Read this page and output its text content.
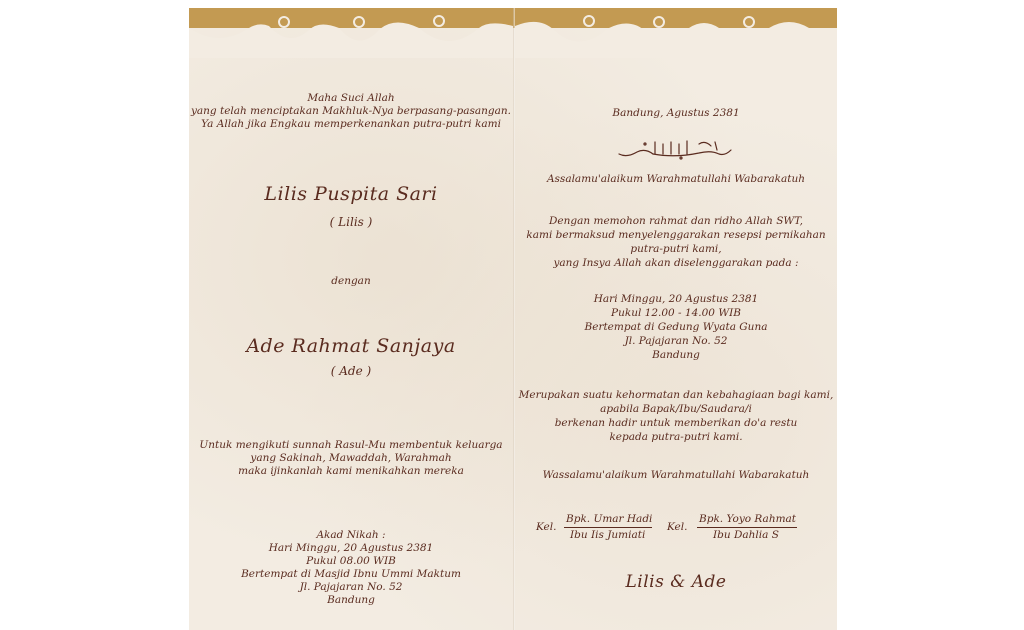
Maha Suci Allah
yang telah menciptakan Makhluk-Nya berpasang-pasangan.
Ya Allah jika Engkau memperkenankan putra-putri kami
Lilis Puspita Sari
( Lilis )
dengan
Ade Rahmat Sanjaya
( Ade )
Untuk mengikuti sunnah Rasul-Mu membentuk keluarga
yang Sakinah, Mawaddah, Warahmah
maka ijinkanlah kami menikahkan mereka
Akad Nikah :
Hari Minggu, 20 Agustus 2381
Pukul 08.00 WIB
Bertempat di Masjid Ibnu Ummi Maktum
Jl. Pajajaran No. 52
Bandung
Bandung, Agustus 2381
Assalamu'alaikum Warahmatullahi Wabarakatuh
Dengan memohon rahmat dan ridho Allah SWT,
kami bermaksud menyelenggarakan resepsi pernikahan
putra-putri kami,
yang Insya Allah akan diselenggarakan pada :
Hari Minggu, 20 Agustus 2381
Pukul 12.00 - 14.00 WIB
Bertempat di Gedung Wyata Guna
Jl. Pajajaran No. 52
Bandung
Merupakan suatu kehormatan dan kebahagiaan bagi kami,
apabila Bapak/Ibu/Saudara/i
berkenan hadir untuk memberikan do'a restu
kepada putra-putri kami.
Wassalamu'alaikum Warahmatullahi Wabarakatuh
Kel.
Bpk. Umar Hadi
Ibu Iis Jumiati
Kel.
Bpk. Yoyo Rahmat
Ibu Dahlia S
Lilis & Ade
